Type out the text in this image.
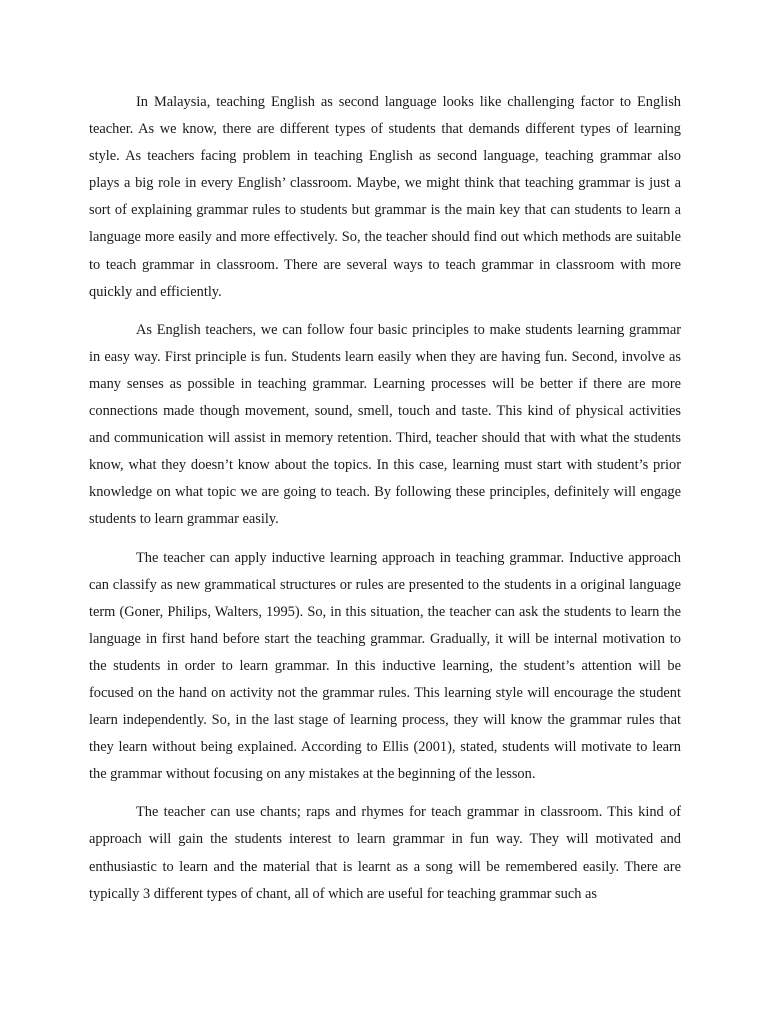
In Malaysia, teaching English as second language looks like challenging factor to English teacher. As we know, there are different types of students that demands different types of learning style. As teachers facing problem in teaching English as second language, teaching grammar also plays a big role in every English’ classroom. Maybe, we might think that teaching grammar is just a sort of explaining grammar rules to students but grammar is the main key that can students to learn a language more easily and more effectively. So, the teacher should find out which methods are suitable to teach grammar in classroom. There are several ways to teach grammar in classroom with more quickly and efficiently.

As English teachers, we can follow four basic principles to make students learning grammar in easy way. First principle is fun. Students learn easily when they are having fun. Second, involve as many senses as possible in teaching grammar. Learning processes will be better if there are more connections made though movement, sound, smell, touch and taste. This kind of physical activities and communication will assist in memory retention. Third, teacher should that with what the students know, what they doesn’t know about the topics. In this case, learning must start with student’s prior knowledge on what topic we are going to teach. By following these principles, definitely will engage students to learn grammar easily.

The teacher can apply inductive learning approach in teaching grammar. Inductive approach can classify as new grammatical structures or rules are presented to the students in a original language term (Goner, Philips, Walters, 1995). So, in this situation, the teacher can ask the students to learn the language in first hand before start the teaching grammar. Gradually, it will be internal motivation to the students in order to learn grammar. In this inductive learning, the student’s attention will be focused on the hand on activity not the grammar rules. This learning style will encourage the student learn independently. So, in the last stage of learning process, they will know the grammar rules that they learn without being explained. According to Ellis (2001), stated, students will motivate to learn the grammar without focusing on any mistakes at the beginning of the lesson.

The teacher can use chants; raps and rhymes for teach grammar in classroom. This kind of approach will gain the students interest to learn grammar in fun way. They will motivated and enthusiastic to learn and the material that is learnt as a song will be remembered easily. There are typically 3 different types of chant, all of which are useful for teaching grammar such as
